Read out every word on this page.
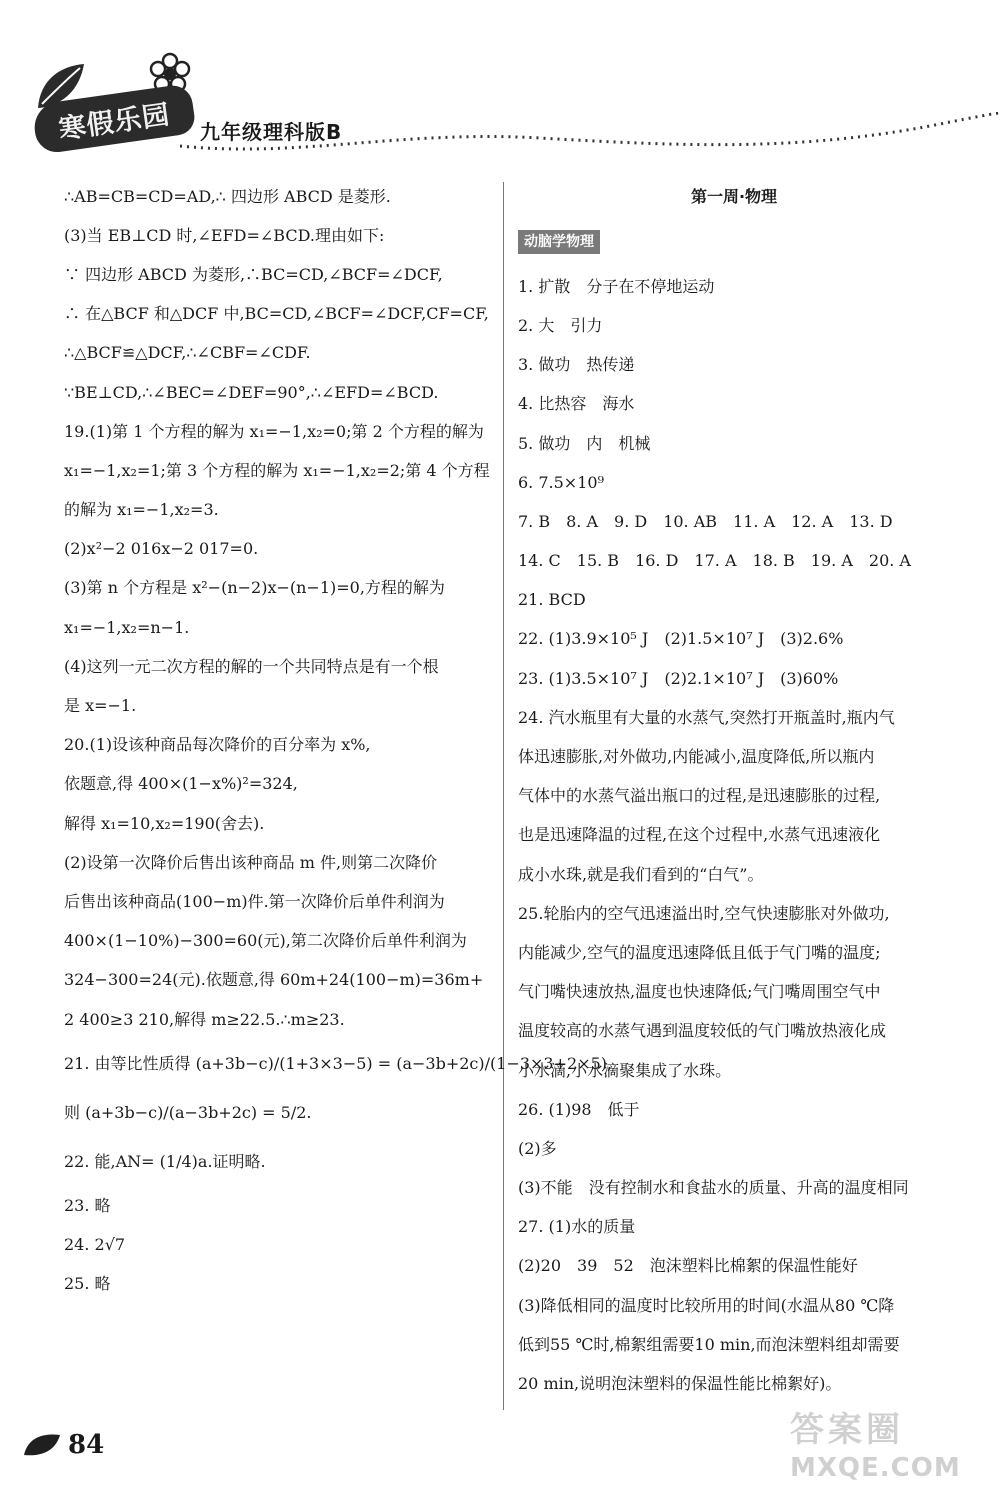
寒假乐园 九年级理科版B
∴AB=CB=CD=AD,∴ 四边形 ABCD 是菱形.
(3)当 EB⊥CD 时,∠EFD=∠BCD.理由如下:
∵ 四边形 ABCD 为菱形,∴BC=CD,∠BCF=∠DCF,
∴ 在△BCF 和△DCF 中,BC=CD,∠BCF=∠DCF,CF=CF,
∴△BCF≌△DCF,∴∠CBF=∠CDF.
∵BE⊥CD,∴∠BEC=∠DEF=90°,∴∠EFD=∠BCD.
19.(1)第 1 个方程的解为 x₁=−1,x₂=0;第 2 个方程的解为
x₁=−1,x₂=1;第 3 个方程的解为 x₁=−1,x₂=2;第 4 个方程
的解为 x₁=−1,x₂=3.
(2)x²−2 016x−2 017=0.
(3)第 n 个方程是 x²−(n−2)x−(n−1)=0,方程的解为
x₁=−1,x₂=n−1.
(4)这列一元二次方程的解的一个共同特点是有一个根
是 x=−1.
20.(1)设该种商品每次降价的百分率为 x%,
依题意,得 400×(1−x%)²=324,
解得 x₁=10,x₂=190(舍去).
(2)设第一次降价后售出该种商品 m 件,则第二次降价
后售出该种商品(100−m)件.第一次降价后单件利润为
400×(1−10%)−300=60(元),第二次降价后单件利润为
324−300=24(元).依题意,得 60m+24(100−m)=36m+
2 400≥3 210,解得 m≥22.5.∴m≥23.
21. 由等比性质得 (a+3b−c)/(1+3×3−5) = (a−3b+2c)/(1−3×3+2×5),
则 (a+3b−c)/(a−3b+2c) = 5/2.
22. 能,AN= (1/4)a.证明略.
23. 略
24. 2√7
25. 略
第一周·物理
动脑学物理
1. 扩散　分子在不停地运动
2. 大　引力
3. 做功　热传递
4. 比热容　海水
5. 做功　内　机械
6. 7.5×10⁹
7. B　8. A　9. D　10. AB　11. A　12. A　13. D
14. C　15. B　16. D　17. A　18. B　19. A　20. A
21. BCD
22. (1)3.9×10⁵ J　(2)1.5×10⁷ J　(3)2.6%
23. (1)3.5×10⁷ J　(2)2.1×10⁷ J　(3)60%
24. 汽水瓶里有大量的水蒸气,突然打开瓶盖时,瓶内气
体迅速膨胀,对外做功,内能减小,温度降低,所以瓶内
气体中的水蒸气溢出瓶口的过程,是迅速膨胀的过程,
也是迅速降温的过程,在这个过程中,水蒸气迅速液化
成小水珠,就是我们看到的“白气”。
25.轮胎内的空气迅速溢出时,空气快速膨胀对外做功,
内能减少,空气的温度迅速降低且低于气门嘴的温度;
气门嘴快速放热,温度也快速降低;气门嘴周围空气中
温度较高的水蒸气遇到温度较低的气门嘴放热液化成
小水滴,小水滴聚集成了水珠。
26. (1)98　低于
(2)多
(3)不能　没有控制水和食盐水的质量、升高的温度相同
27. (1)水的质量
(2)20　39　52　泡沫塑料比棉絮的保温性能好
(3)降低相同的温度时比较所用的时间(水温从80 ℃降
低到55 ℃时,棉絮组需要10 min,而泡沫塑料组却需要
20 min,说明泡沫塑料的保温性能比棉絮好)。
84	答案圈
MXQE.COM
